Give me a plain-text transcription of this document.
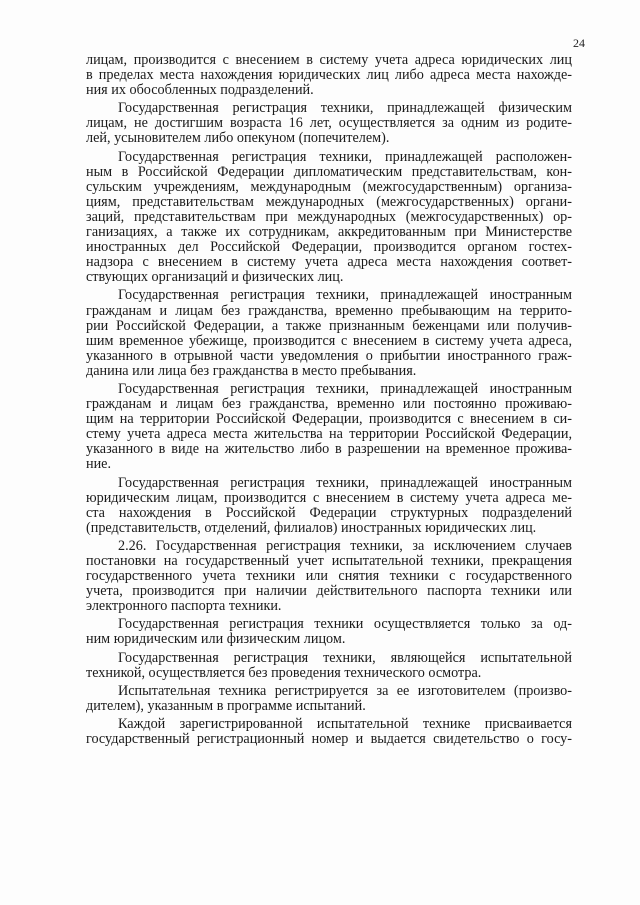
24
лицам, производится с внесением в систему учета адреса юридических лиц
в пределах места нахождения юридических лиц либо адреса места нахожде-
ния их обособленных подразделений.
Государственная регистрация техники, принадлежащей физическим
лицам, не достигшим возраста 16 лет, осуществляется за одним из родите-
лей, усыновителем либо опекуном (попечителем).
Государственная регистрация техники, принадлежащей расположен-
ным в Российской Федерации дипломатическим представительствам, кон-
сульским учреждениям, международным (межгосударственным) организа-
циям, представительствам международных (межгосударственных) органи-
заций, представительствам при международных (межгосударственных) ор-
ганизациях, а также их сотрудникам, аккредитованным при Министерстве
иностранных дел Российской Федерации, производится органом гостех-
надзора с внесением в систему учета адреса места нахождения соответ-
ствующих организаций и физических лиц.
Государственная регистрация техники, принадлежащей иностранным
гражданам и лицам без гражданства, временно пребывающим на террито-
рии Российской Федерации, а также признанным беженцами или получив-
шим временное убежище, производится с внесением в систему учета адреса,
указанного в отрывной части уведомления о прибытии иностранного граж-
данина или лица без гражданства в место пребывания.
Государственная регистрация техники, принадлежащей иностранным
гражданам и лицам без гражданства, временно или постоянно проживаю-
щим на территории Российской Федерации, производится с внесением в си-
стему учета адреса места жительства на территории Российской Федерации,
указанного в виде на жительство либо в разрешении на временное прожива-
ние.
Государственная регистрация техники, принадлежащей иностранным
юридическим лицам, производится с внесением в систему учета адреса ме-
ста нахождения в Российской Федерации структурных подразделений
(представительств, отделений, филиалов) иностранных юридических лиц.
2.26. Государственная регистрация техники, за исключением случаев
постановки на государственный учет испытательной техники, прекращения
государственного учета техники или снятия техники с государственного
учета, производится при наличии действительного паспорта техники или
электронного паспорта техники.
Государственная регистрация техники осуществляется только за од-
ним юридическим или физическим лицом.
Государственная регистрация техники, являющейся испытательной
техникой, осуществляется без проведения технического осмотра.
Испытательная техника регистрируется за ее изготовителем (произво-
дителем), указанным в программе испытаний.
Каждой зарегистрированной испытательной технике присваивается
государственный регистрационный номер и выдается свидетельство о госу-
